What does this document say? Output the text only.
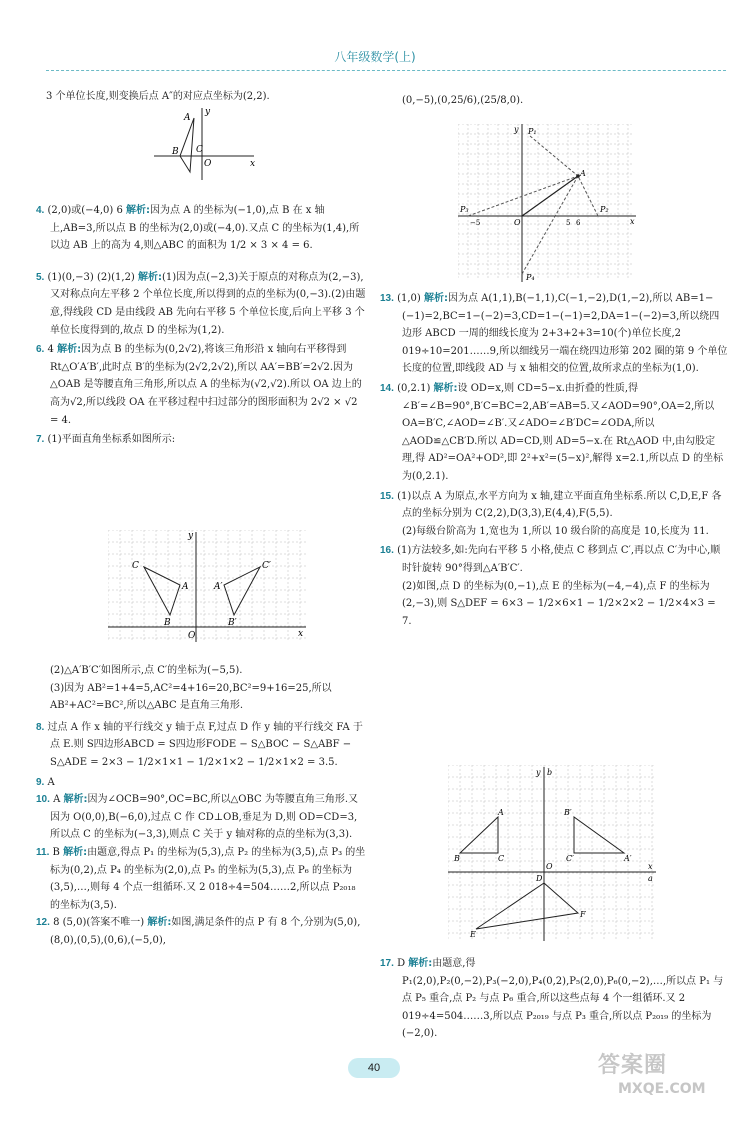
八年级数学(上)

3 个单位长度,则变换后点 A″的对应点坐标为(2,2).

A
B C
O	x
y

4. (2,0)或(−4,0) 6 解析:因为点 A 的坐标为(−1,0),点 B 在 x 轴上,AB=3,所以点 B 的坐标为(2,0)或(−4,0).又点 C 的坐标为(1,4),所以边 AB 上的高为 4,则△ABC 的面积为 1/2 × 3 × 4 = 6.

5. (1)(0,−3) (2)(1,2) 解析:(1)因为点(−2,3)关于原点的对称点为(2,−3),又对称点向左平移 2 个单位长度,所以得到的点的坐标为(0,−3).(2)由题意,得线段 CD 是由线段 AB 先向右平移 5 个单位长度,后向上平移 3 个单位长度得到的,故点 D 的坐标为(1,2).

6. 4 解析:因为点 B 的坐标为(0,2√2),将该三角形沿 x 轴向右平移得到 Rt△O′A′B′,此时点 B′的坐标为(2√2,2√2),所以 AA′=BB′=2√2.因为△OAB 是等腰直角三角形,所以点 A 的坐标为(√2,√2).所以 OA 边上的高为√2,所以线段 OA 在平移过程中扫过部分的图形面积为 2√2 × √2 = 4.

7. (1)平面直角坐标系如图所示:

C
A
B
A′
B′
C′
O	x
y

(2)△A′B′C′如图所示,点 C′的坐标为(−5,5).

(3)因为 AB²=1+4=5,AC²=4+16=20,BC²=9+16=25,所以 AB²+AC²=BC²,所以△ABC 是直角三角形.

8. 过点 A 作 x 轴的平行线交 y 轴于点 F,过点 D 作 y 轴的平行线交 FA 于点 E.则 S四边形ABCD = S四边形FODE − S△BOC − S△ABF − S△ADE = 2×3 − 1/2×1×1 − 1/2×1×2 − 1/2×1×2 = 3.5.

9. A

10. A 解析:因为∠OCB=90°,OC=BC,所以△OBC 为等腰直角三角形.又因为 O(0,0),B(−6,0),过点 C 作 CD⊥OB,垂足为 D,则 OD=CD=3,所以点 C 的坐标为(−3,3),则点 C 关于 y 轴对称的点的坐标为(3,3).

11. B 解析:由题意,得点 P₁ 的坐标为(5,3),点 P₂ 的坐标为(3,5),点 P₃ 的坐标为(0,2),点 P₄ 的坐标为(2,0),点 P₅ 的坐标为(5,3),点 P₆ 的坐标为(3,5),…,则每 4 个点一组循环.又 2 018÷4=504……2,所以点 P₂₀₁₈ 的坐标为(3,5).

12. 8 (5,0)(答案不唯一) 解析:如图,满足条件的点 P 有 8 个,分别为(5,0),(8,0),(0,5),(0,6),(−5,0),

(0,−5),(0,25/6),(25/8,0).

P₁
A
P₂
P₃
P₄
O	x
y
5 6
−5

13. (1,0) 解析:因为点 A(1,1),B(−1,1),C(−1,−2),D(1,−2),所以 AB=1−(−1)=2,BC=1−(−2)=3,CD=1−(−1)=2,DA=1−(−2)=3,所以绕四边形 ABCD 一周的细线长度为 2+3+2+3=10(个)单位长度,2 019÷10=201……9,所以细线另一端在绕四边形第 202 圈的第 9 个单位长度的位置,即线段 AD 与 x 轴相交的位置,故所求点的坐标为(1,0).

14. (0,2.1) 解析:设 OD=x,则 CD=5−x.由折叠的性质,得∠B′=∠B=90°,B′C=BC=2,AB′=AB=5.又∠AOD=90°,OA=2,所以 OA=B′C,∠AOD=∠B′.又∠ADO=∠B′DC=∠ODA,所以△AOD≌△CB′D.所以 AD=CD,则 AD=5−x.在 Rt△AOD 中,由勾股定理,得 AD²=OA²+OD²,即 2²+x²=(5−x)²,解得 x=2.1,所以点 D 的坐标为(0,2.1).

15. (1)以点 A 为原点,水平方向为 x 轴,建立平面直角坐标系.所以 C,D,E,F 各点的坐标分别为 C(2,2),D(3,3),E(4,4),F(5,5).

(2)每级台阶高为 1,宽也为 1,所以 10 级台阶的高度是 10,长度为 11.

16. (1)方法较多,如:先向右平移 5 小格,使点 C 移到点 C′,再以点 C′为中心,顺时针旋转 90°得到△A′B′C′.

(2)如图,点 D 的坐标为(0,−1),点 E 的坐标为(−4,−4),点 F 的坐标为(2,−3),则 S△DEF = 6×3 − 1/2×6×1 − 1/2×2×2 − 1/2×4×3 = 7.

A
B	C	A′
B′
C′
D
E
F
O
a
b
x
y

17. D 解析:由题意,得 P₁(2,0),P₂(0,−2),P₃(−2,0),P₄(0,2),P₅(2,0),P₆(0,−2),…,所以点 P₁ 与点 P₅ 重合,点 P₂ 与点 P₆ 重合,所以这些点每 4 个一组循环.又 2 019÷4=504……3,所以点 P₂₀₁₉ 与点 P₃ 重合,所以点 P₂₀₁₉ 的坐标为(−2,0).

40	答案圈
MXQE.COM
